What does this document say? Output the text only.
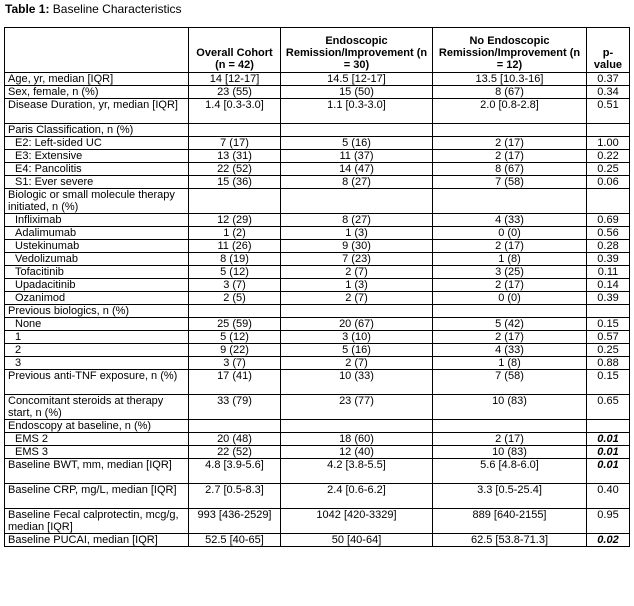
Table 1: Baseline Characteristics
	Overall Cohort (n = 42)	Endoscopic Remission/Improvement (n = 30)	No Endoscopic Remission/Improvement (n = 12)	p-value
Age, yr, median [IQR]	14 [12-17]	14.5 [12-17]	13.5 [10.3-16]	0.37
Sex, female, n (%)	23 (55)	15 (50)	8 (67)	0.34
Disease Duration, yr, median [IQR]	1.4 [0.3-3.0]	1.1 [0.3-3.0]	2.0 [0.8-2.8]	0.51
Paris Classification, n (%)				
E2: Left-sided UC	7 (17)	5 (16)	2 (17)	1.00
E3: Extensive	13 (31)	11 (37)	2 (17)	0.22
E4: Pancolitis	22 (52)	14 (47)	8 (67)	0.25
S1: Ever severe	15 (36)	8 (27)	7 (58)	0.06
Biologic or small molecule therapy initiated, n (%)				
Infliximab	12 (29)	8 (27)	4 (33)	0.69
Adalimumab	1 (2)	1 (3)	0 (0)	0.56
Ustekinumab	11 (26)	9 (30)	2 (17)	0.28
Vedolizumab	8 (19)	7 (23)	1 (8)	0.39
Tofacitinib	5 (12)	2 (7)	3 (25)	0.11
Upadacitinib	3 (7)	1 (3)	2 (17)	0.14
Ozanimod	2 (5)	2 (7)	0 (0)	0.39
Previous biologics, n (%)				
None	25 (59)	20 (67)	5 (42)	0.15
1	5 (12)	3 (10)	2 (17)	0.57
2	9 (22)	5 (16)	4 (33)	0.25
3	3 (7)	2 (7)	1 (8)	0.88
Previous anti-TNF exposure, n (%)	17 (41)	10 (33)	7 (58)	0.15
Concomitant steroids at therapy start, n (%)	33 (79)	23 (77)	10 (83)	0.65
Endoscopy at baseline, n (%)				
EMS 2	20 (48)	18 (60)	2 (17)	0.01
EMS 3	22 (52)	12 (40)	10 (83)	0.01
Baseline BWT, mm, median [IQR]	4.8 [3.9-5.6]	4.2 [3.8-5.5]	5.6 [4.8-6.0]	0.01
Baseline CRP, mg/L, median [IQR]	2.7 [0.5-8.3]	2.4 [0.6-6.2]	3.3 [0.5-25.4]	0.40
Baseline Fecal calprotectin, mcg/g, median [IQR]	993 [436-2529]	1042 [420-3329]	889 [640-2155]	0.95
Baseline PUCAI, median [IQR]	52.5 [40-65]	50 [40-64]	62.5 [53.8-71.3]	0.02
